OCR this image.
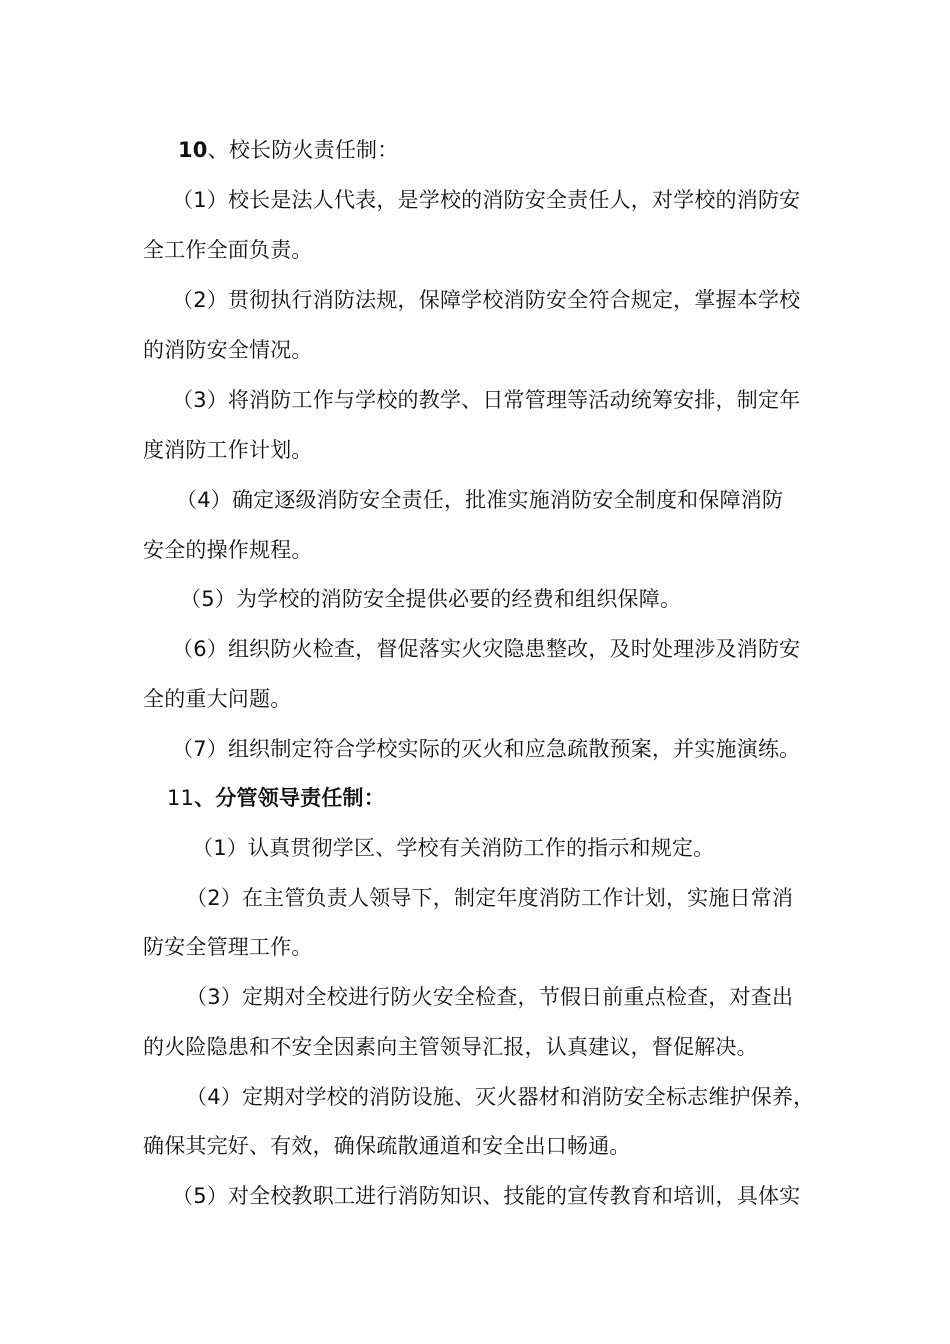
10、校长防火责任制：
（1）校长是法人代表，是学校的消防安全责任人，对学校的消防安
全工作全面负责。
（2）贯彻执行消防法规，保障学校消防安全符合规定，掌握本学校
的消防安全情况。
（3）将消防工作与学校的教学、日常管理等活动统筹安排，制定年
度消防工作计划。
（4）确定逐级消防安全责任，批准实施消防安全制度和保障消防
安全的操作规程。
（5）为学校的消防安全提供必要的经费和组织保障。
（6）组织防火检查，督促落实火灾隐患整改，及时处理涉及消防安
全的重大问题。
（7）组织制定符合学校实际的灭火和应急疏散预案，并实施演练。
11、分管领导责任制：
（1）认真贯彻学区、学校有关消防工作的指示和规定。
（2）在主管负责人领导下，制定年度消防工作计划，实施日常消
防安全管理工作。
（3）定期对全校进行防火安全检查，节假日前重点检查，对查出
的火险隐患和不安全因素向主管领导汇报，认真建议，督促解决。
（4）定期对学校的消防设施、灭火器材和消防安全标志维护保养，
确保其完好、有效，确保疏散通道和安全出口畅通。
（5）对全校教职工进行消防知识、技能的宣传教育和培训，具体实
